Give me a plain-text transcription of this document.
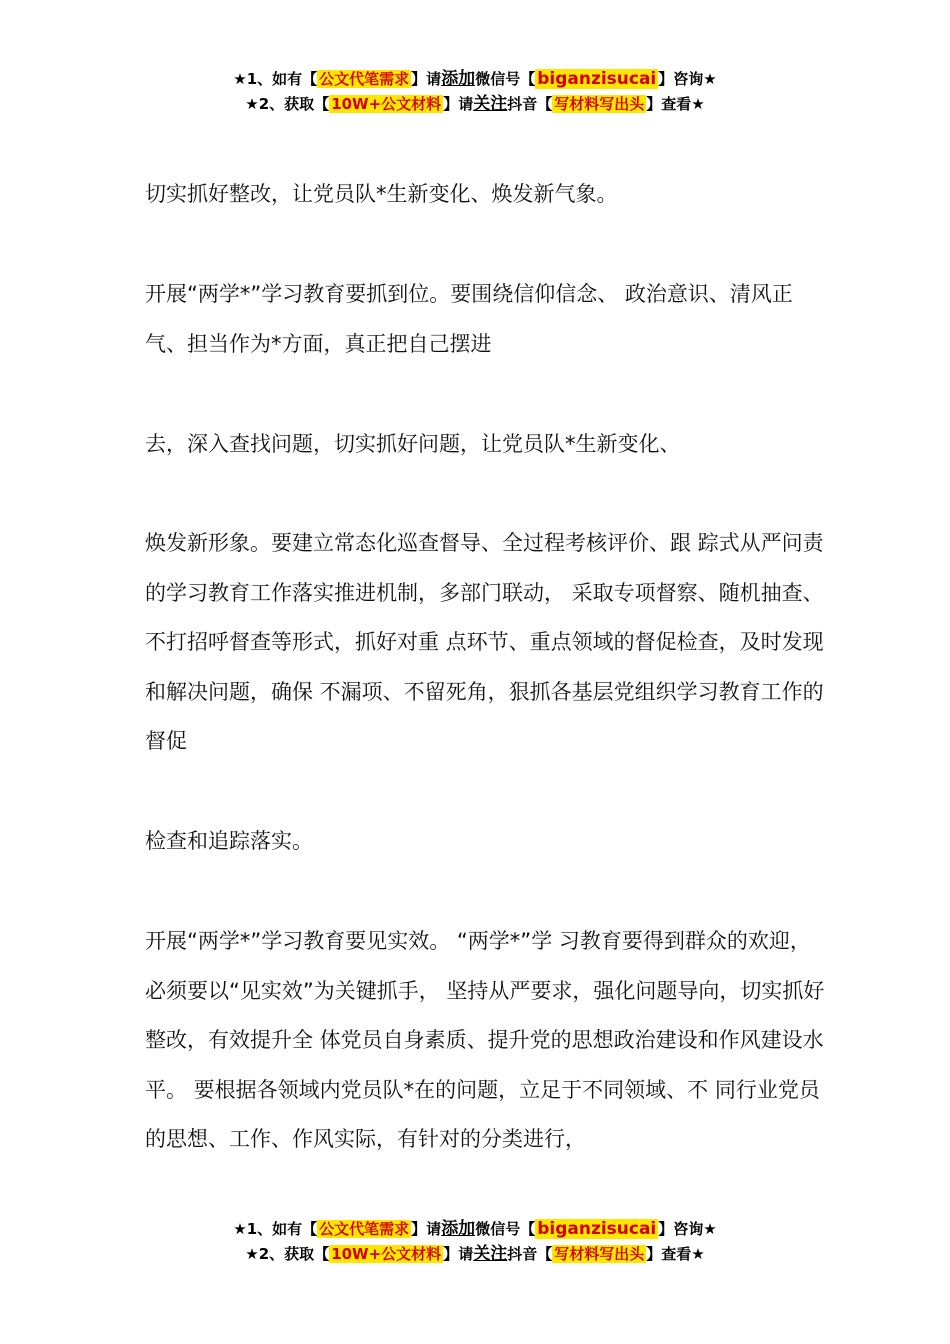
★1、如有【 公文代笔需求 】请添加微信号【 biganzisucai 】咨询★
★2、获取【 10W+公文材料 】请关注抖音【 写材料写出头 】查看★

切实抓好整改，让党员队*生新变化、焕发新气象。

开展“两学*”学习教育要抓到位。要围绕信仰信念、 政治意识、清风正气、担当作为*方面，真正把自己摆进

去，深入查找问题，切实抓好问题，让党员队*生新变化、

焕发新形象。要建立常态化巡查督导、全过程考核评价、跟 踪式从严问责的学习教育工作落实推进机制，多部门联动， 采取专项督察、随机抽查、不打招呼督查等形式，抓好对重 点环节、重点领域的督促检查，及时发现和解决问题，确保 不漏项、不留死角，狠抓各基层党组织学习教育工作的督促

检查和追踪落实。

开展“两学*”学习教育要见实效。 “两学*”学 习教育要得到群众的欢迎，必须要以“见实效”为关键抓手， 坚持从严要求，强化问题导向，切实抓好整改，有效提升全 体党员自身素质、提升党的思想政治建设和作风建设水平。 要根据各领域内党员队*在的问题，立足于不同领域、不 同行业党员的思想、工作、作风实际，有针对的分类进行，

★1、如有【 公文代笔需求 】请添加微信号【 biganzisucai 】咨询★
★2、获取【 10W+公文材料 】请关注抖音【 写材料写出头 】查看★
